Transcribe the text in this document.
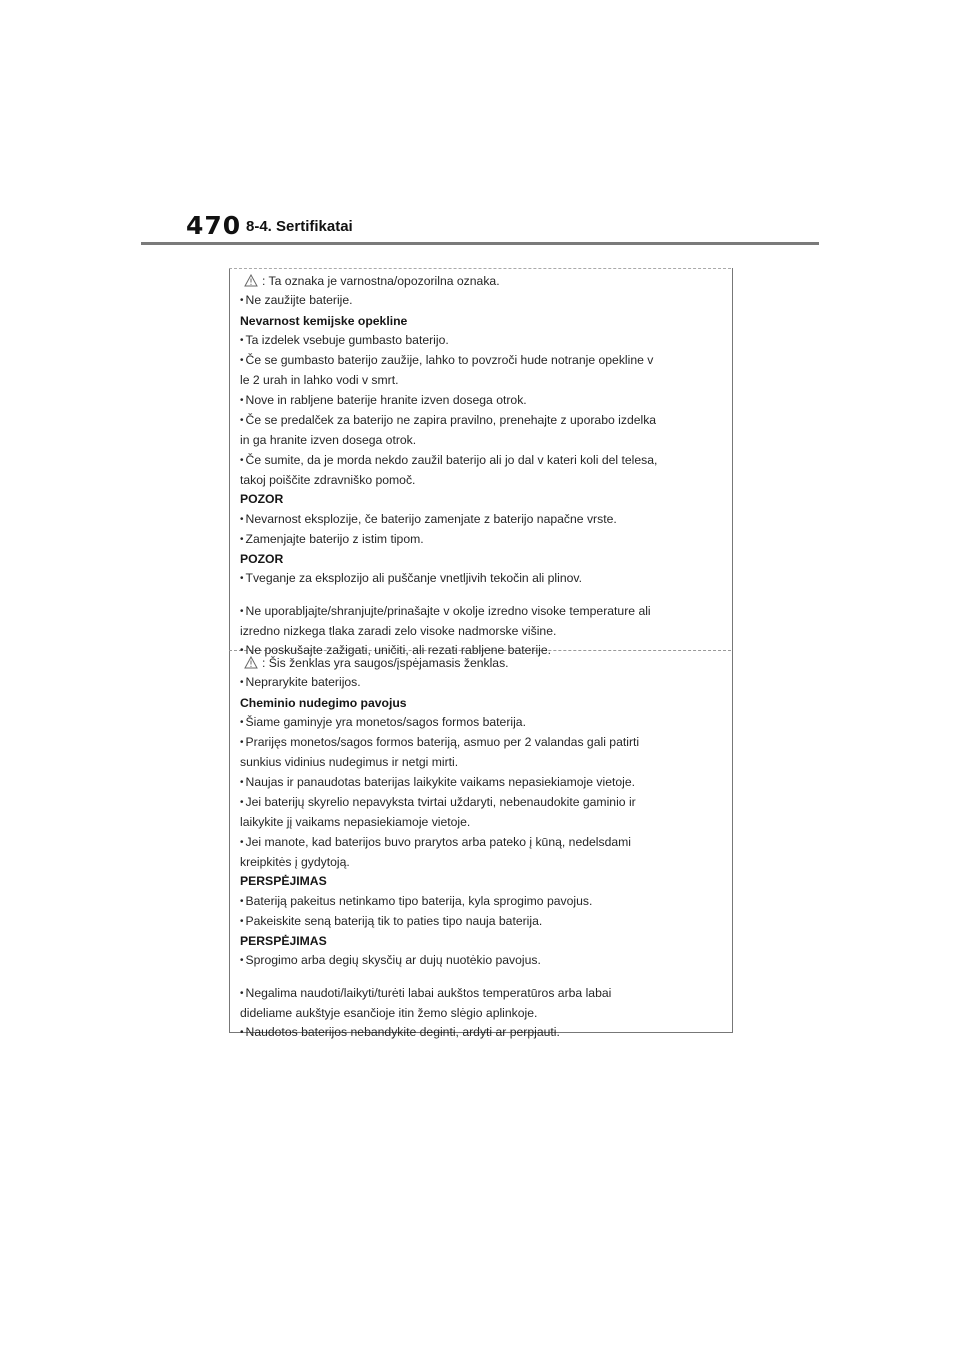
470 8-4. Sertifikatai
: Ta oznaka je varnostna/opozorilna oznaka.
• Ne zaužijte baterije.
Nevarnost kemijske opekline
• Ta izdelek vsebuje gumbasto baterijo.
• Če se gumbasto baterijo zaužije, lahko to povzroči hude notranje opekline v
le 2 urah in lahko vodi v smrt.
• Nove in rabljene baterije hranite izven dosega otrok.
• Če se predalček za baterijo ne zapira pravilno, prenehajte z uporabo izdelka
in ga hranite izven dosega otrok.
• Če sumite, da je morda nekdo zaužil baterijo ali jo dal v kateri koli del telesa,
takoj poiščite zdravniško pomoč.
POZOR
• Nevarnost eksplozije, če baterijo zamenjate z baterijo napačne vrste.
• Zamenjajte baterijo z istim tipom.
POZOR
• Tveganje za eksplozijo ali puščanje vnetljivih tekočin ali plinov.
• Ne uporabljajte/shranjujte/prinašajte v okolje izredno visoke temperature ali
izredno nizkega tlaka zaradi zelo visoke nadmorske višine.
• Ne poskušajte zažigati, uničiti, ali rezati rabljene baterije.
: Šis ženklas yra saugos/įspėjamasis ženklas.
• Neprarykite baterijos.
Cheminio nudegimo pavojus
• Šiame gaminyje yra monetos/sagos formos baterija.
• Prarijęs monetos/sagos formos bateriją, asmuo per 2 valandas gali patirti
sunkius vidinius nudegimus ir netgi mirti.
• Naujas ir panaudotas baterijas laikykite vaikams nepasiekiamoje vietoje.
• Jei baterijų skyrelio nepavyksta tvirtai uždaryti, nebenaudokite gaminio ir
laikykite jį vaikams nepasiekiamoje vietoje.
• Jei manote, kad baterijos buvo prarytos arba pateko į kūną, nedelsdami
kreipkitės į gydytoją.
PERSPĖJIMAS
• Bateriją pakeitus netinkamo tipo baterija, kyla sprogimo pavojus.
• Pakeiskite seną bateriją tik to paties tipo nauja baterija.
PERSPĖJIMAS
• Sprogimo arba degių skysčių ar dujų nuotėkio pavojus.
• Negalima naudoti/laikyti/turėti labai aukštos temperatūros arba labai
dideliame aukštyje esančioje itin žemo slėgio aplinkoje.
• Naudotos baterijos nebandykite deginti, ardyti ar perpjauti.
